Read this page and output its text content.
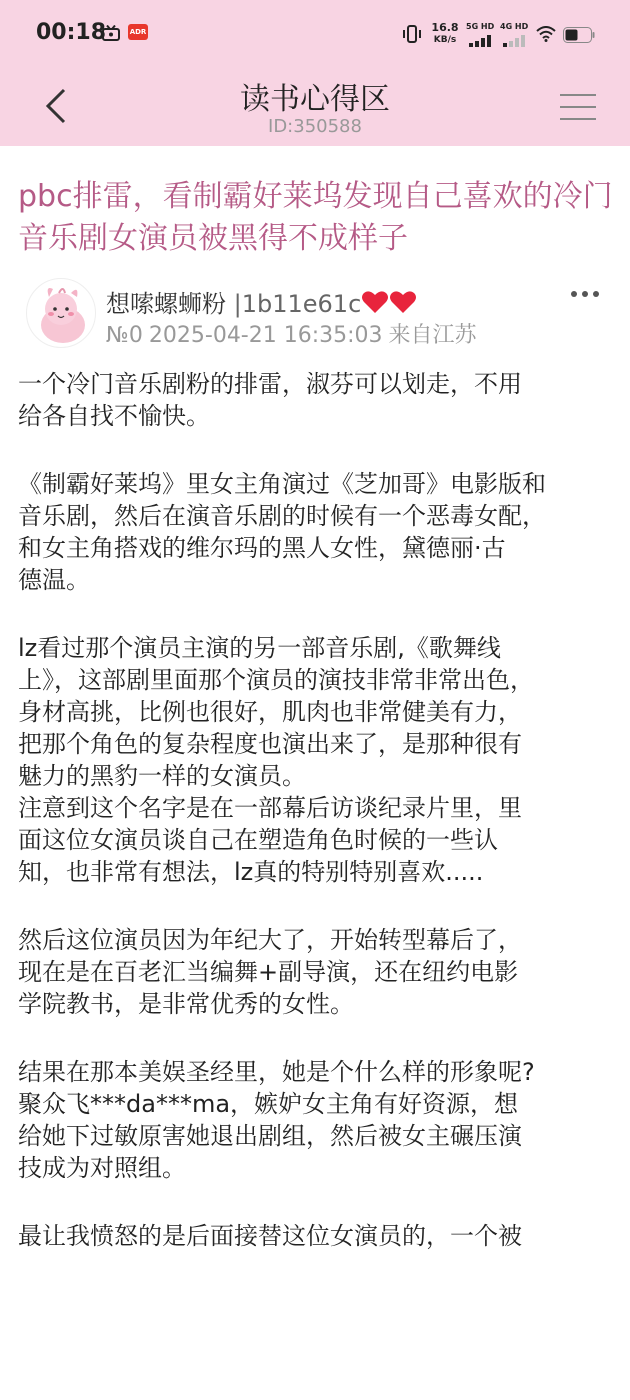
00:18	ADR	16.8
KB/s
5G HD 4G HD
读书心得区
ID:350588
pbc排雷，看制霸好莱坞发现自己喜欢的冷门音乐剧女演员被黑得不成样子
想嗦螺蛳粉 |1b11e61c
№0 2025-04-21 16:35:03 来自江苏
一个冷门音乐剧粉的排雷，淑芬可以划走，不用
给各自找不愉快。
《制霸好莱坞》里女主角演过《芝加哥》电影版和
音乐剧，然后在演音乐剧的时候有一个恶毒女配，
和女主角搭戏的维尔玛的黑人女性，黛德丽·古
德温。
lz看过那个演员主演的另一部音乐剧,《歌舞线
上》，这部剧里面那个演员的演技非常非常出色，
身材高挑，比例也很好，肌肉也非常健美有力，
把那个角色的复杂程度也演出来了，是那种很有
魅力的黑豹一样的女演员。
注意到这个名字是在一部幕后访谈纪录片里，里
面这位女演员谈自己在塑造角色时候的一些认
知，也非常有想法，lz真的特别特别喜欢.....
然后这位演员因为年纪大了，开始转型幕后了，
现在是在百老汇当编舞+副导演，还在纽约电影
学院教书，是非常优秀的女性。
结果在那本美娱圣经里，她是个什么样的形象呢?
聚众飞***da***ma，嫉妒女主角有好资源，想
给她下过敏原害她退出剧组，然后被女主碾压演
技成为对照组。
最让我愤怒的是后面接替这位女演员的，一个被
